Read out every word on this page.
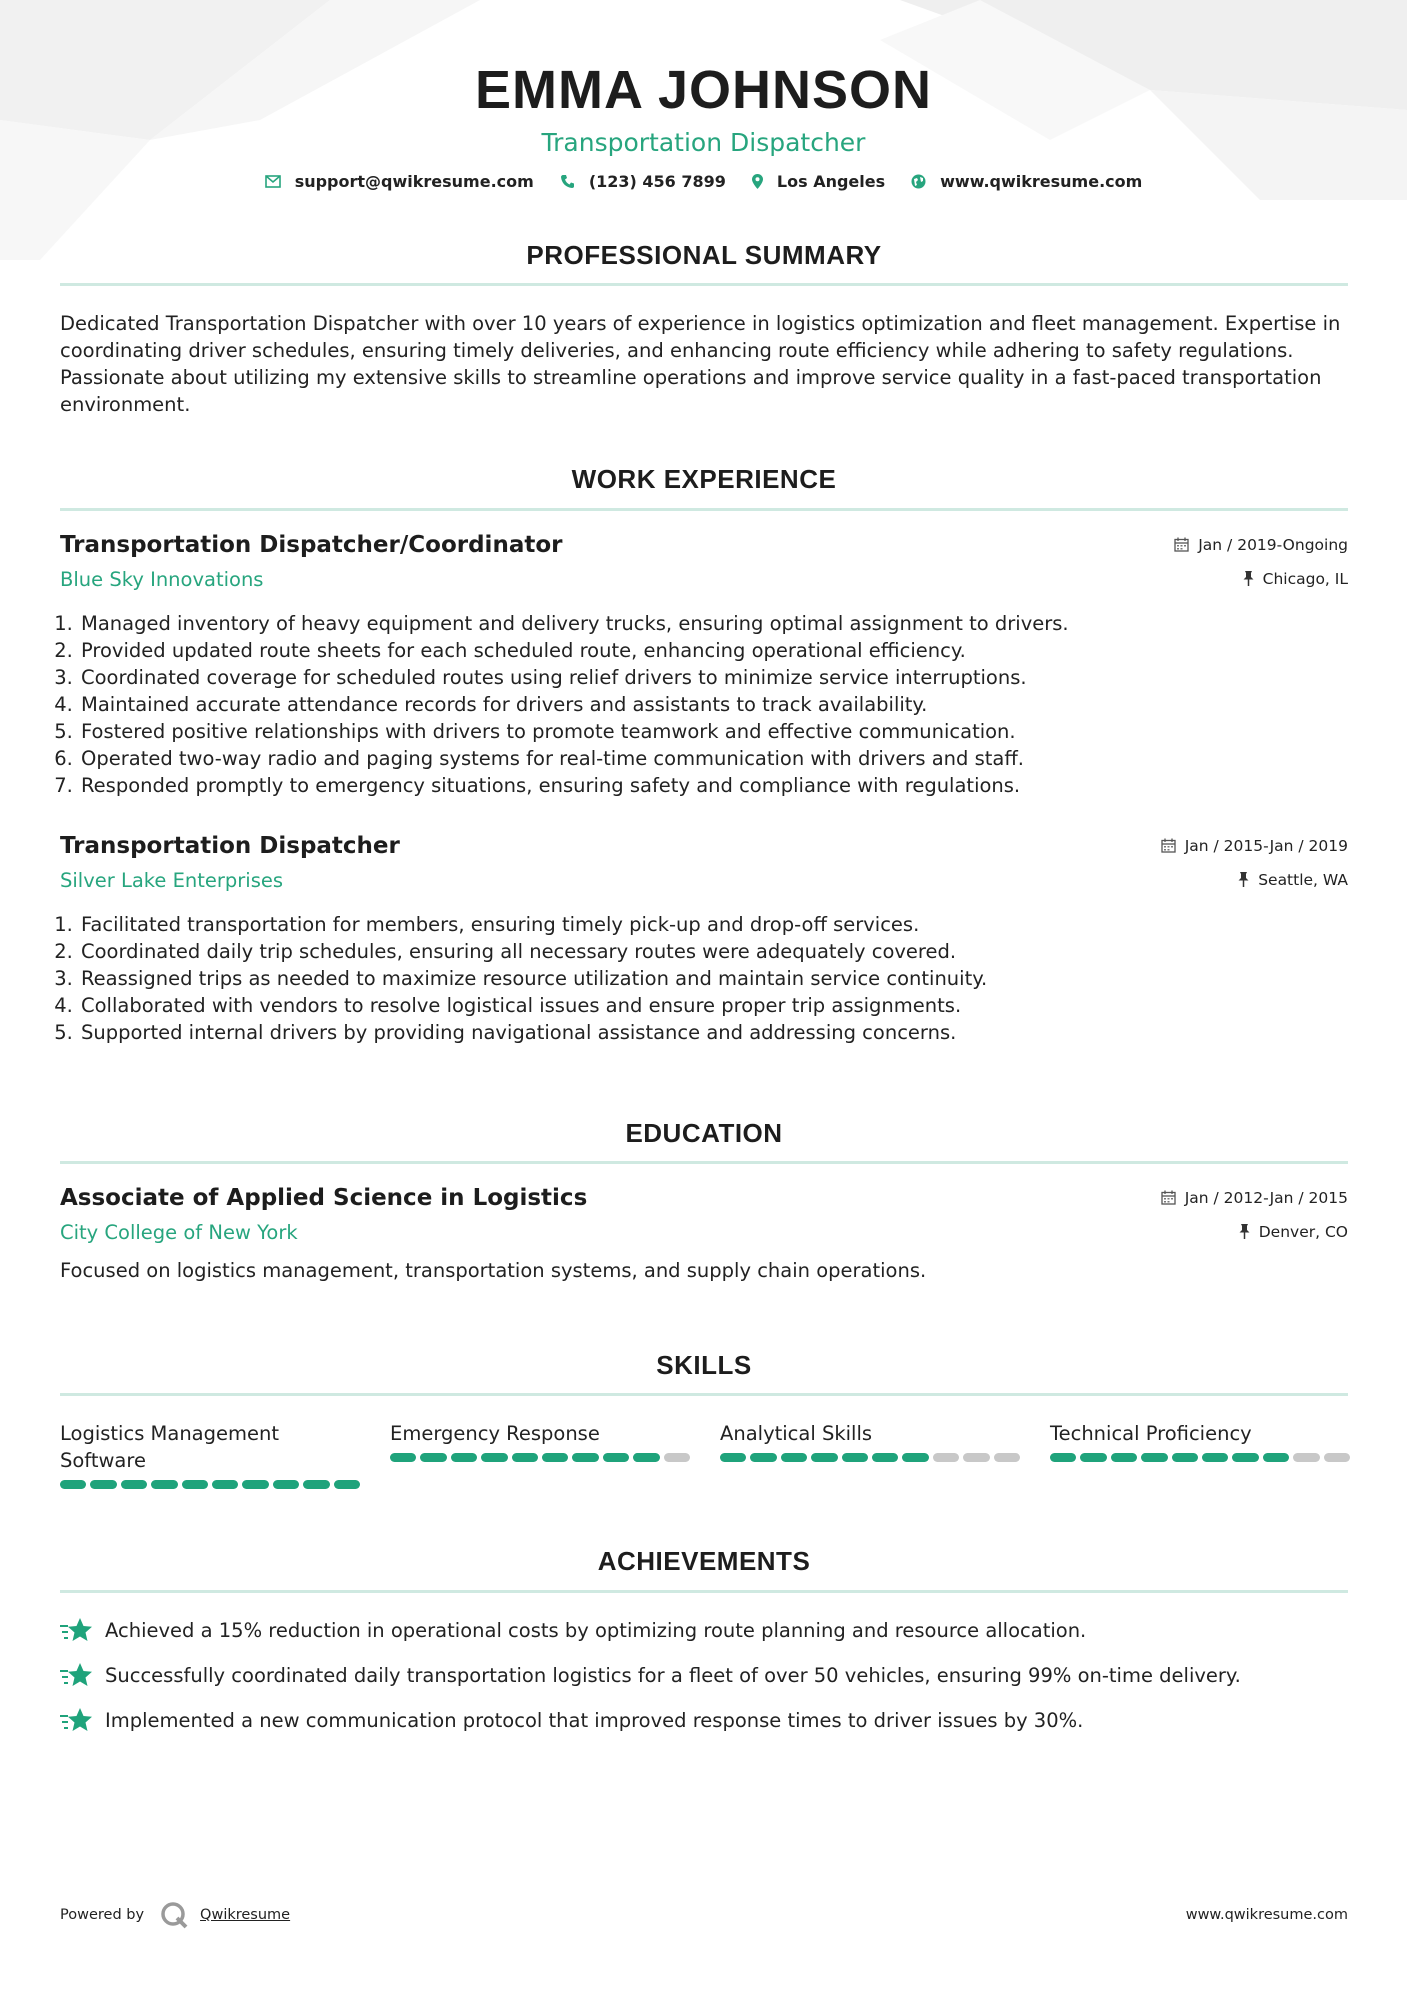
EMMA JOHNSON
Transportation Dispatcher
support@qwikresume.com	(123) 456 7899	Los Angeles	www.qwikresume.com
PROFESSIONAL SUMMARY
Dedicated Transportation Dispatcher with over 10 years of experience in logistics optimization and fleet management. Expertise in coordinating driver schedules, ensuring timely deliveries, and enhancing route efficiency while adhering to safety regulations. Passionate about utilizing my extensive skills to streamline operations and improve service quality in a fast-paced transportation environment.
WORK EXPERIENCE
Transportation Dispatcher/Coordinator	Jan / 2019-Ongoing
Blue Sky Innovations	Chicago, IL
1. Managed inventory of heavy equipment and delivery trucks, ensuring optimal assignment to drivers.
2. Provided updated route sheets for each scheduled route, enhancing operational efficiency.
3. Coordinated coverage for scheduled routes using relief drivers to minimize service interruptions.
4. Maintained accurate attendance records for drivers and assistants to track availability.
5. Fostered positive relationships with drivers to promote teamwork and effective communication.
6. Operated two-way radio and paging systems for real-time communication with drivers and staff.
7. Responded promptly to emergency situations, ensuring safety and compliance with regulations.
Transportation Dispatcher	Jan / 2015-Jan / 2019
Silver Lake Enterprises	Seattle, WA
1. Facilitated transportation for members, ensuring timely pick-up and drop-off services.
2. Coordinated daily trip schedules, ensuring all necessary routes were adequately covered.
3. Reassigned trips as needed to maximize resource utilization and maintain service continuity.
4. Collaborated with vendors to resolve logistical issues and ensure proper trip assignments.
5. Supported internal drivers by providing navigational assistance and addressing concerns.
EDUCATION
Associate of Applied Science in Logistics	Jan / 2012-Jan / 2015
City College of New York	Denver, CO
Focused on logistics management, transportation systems, and supply chain operations.
SKILLS
Logistics Management Software
Emergency Response	Analytical Skills	Technical Proficiency
ACHIEVEMENTS
Achieved a 15% reduction in operational costs by optimizing route planning and resource allocation.
Successfully coordinated daily transportation logistics for a fleet of over 50 vehicles, ensuring 99% on-time delivery.
Implemented a new communication protocol that improved response times to driver issues by 30%.
Powered by	Qwikresume	www.qwikresume.com
